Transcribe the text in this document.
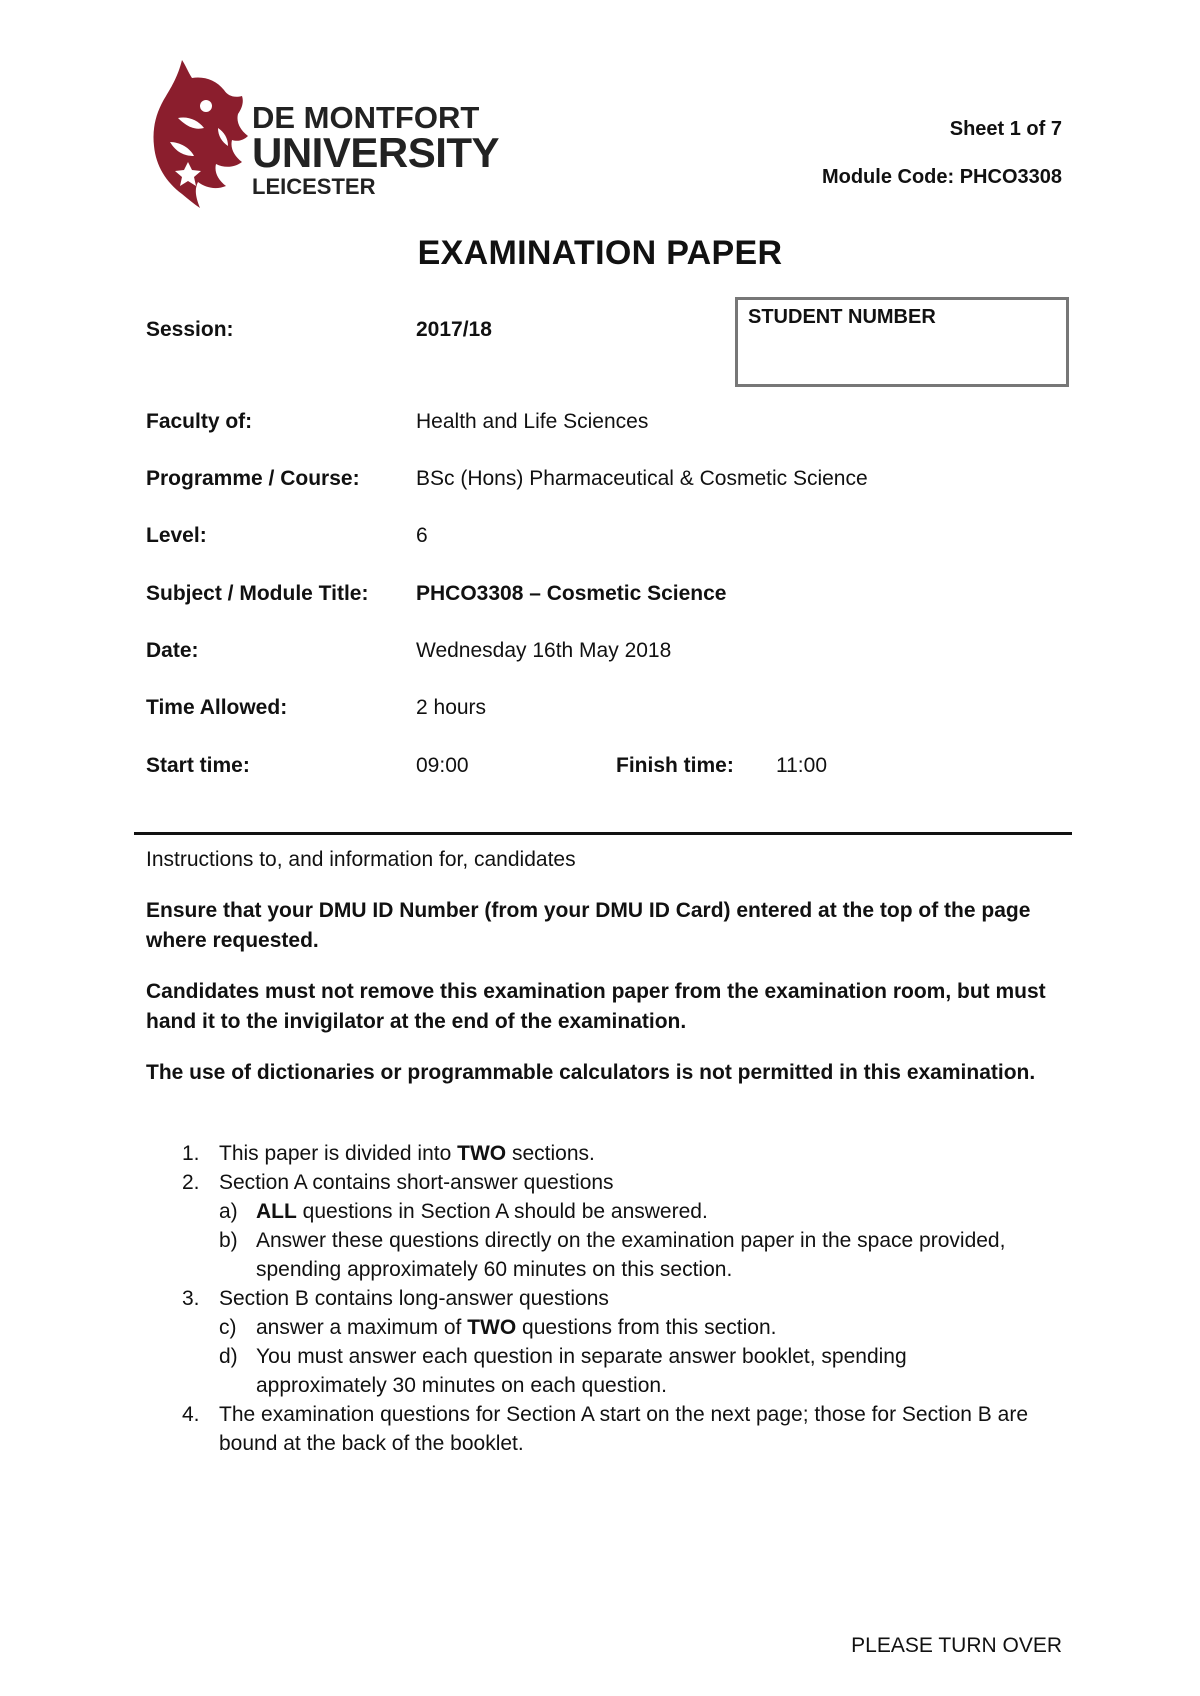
DE MONTFORT
UNIVERSITY
LEICESTER
Sheet 1 of 7
Module Code: PHCO3308
EXAMINATION PAPER
STUDENT NUMBER
Session:	2017/18
Faculty of:	Health and Life Sciences
Programme / Course:	BSc (Hons) Pharmaceutical & Cosmetic Science
Level:	6
Subject / Module Title: PHCO3308 – Cosmetic Science
Date:	Wednesday 16th May 2018
Time Allowed:	2 hours
Start time:	09:00	Finish time: 11:00
Instructions to, and information for, candidates
Ensure that your DMU ID Number (from your DMU ID Card) entered at the top of the page where requested.
Candidates must not remove this examination paper from the examination room, but must hand it to the invigilator at the end of the examination.
The use of dictionaries or programmable calculators is not permitted in this examination.
1. This paper is divided into TWO sections.
2. Section A contains short-answer questions
a) ALL questions in Section A should be answered.
b) Answer these questions directly on the examination paper in the space provided, spending approximately 60 minutes on this section.
3. Section B contains long-answer questions
c) answer a maximum of TWO questions from this section.
d) You must answer each question in separate answer booklet, spending approximately 30 minutes on each question.
4. The examination questions for Section A start on the next page; those for Section B are bound at the back of the booklet.
PLEASE TURN OVER
